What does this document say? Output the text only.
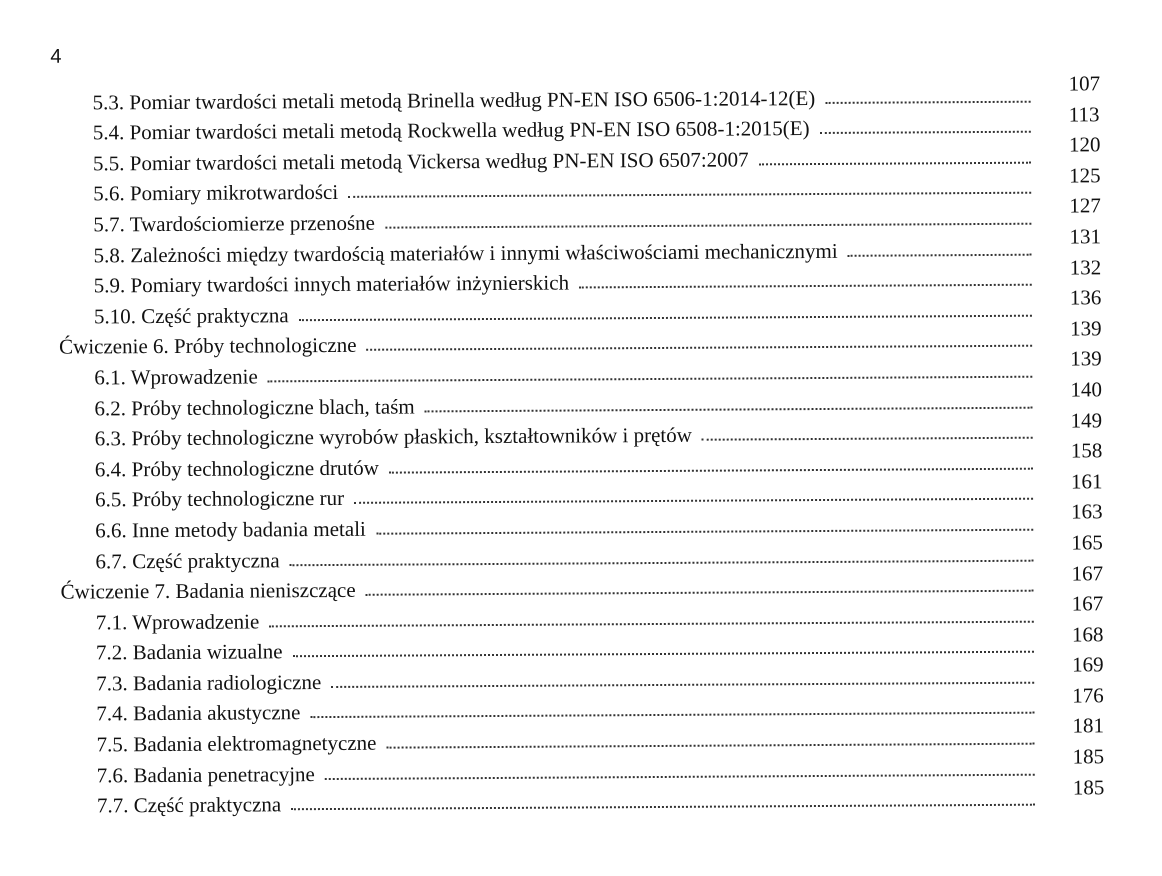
4
5.3. Pomiar twardości metali metodą Brinella według PN-EN ISO 6506-1:2014-12(E)
107
5.4. Pomiar twardości metali metodą Rockwella według PN-EN ISO 6508-1:2015(E)
113
5.5. Pomiar twardości metali metodą Vickersa według PN-EN ISO 6507:2007
120
5.6. Pomiary mikrotwardości
125
5.7. Twardościomierze przenośne
127
5.8. Zależności między twardością materiałów i innymi właściwościami mechanicznymi
131
5.9. Pomiary twardości innych materiałów inżynierskich
132
5.10. Część praktyczna
136
Ćwiczenie 6. Próby technologiczne
139
6.1. Wprowadzenie
139
6.2. Próby technologiczne blach, taśm
140
6.3. Próby technologiczne wyrobów płaskich, kształtowników i prętów
149
6.4. Próby technologiczne drutów
158
6.5. Próby technologiczne rur
161
6.6. Inne metody badania metali
163
6.7. Część praktyczna
165
Ćwiczenie 7. Badania nieniszczące
167
7.1. Wprowadzenie
167
7.2. Badania wizualne
168
7.3. Badania radiologiczne
169
7.4. Badania akustyczne
176
7.5. Badania elektromagnetyczne
181
7.6. Badania penetracyjne
185
7.7. Część praktyczna
185
